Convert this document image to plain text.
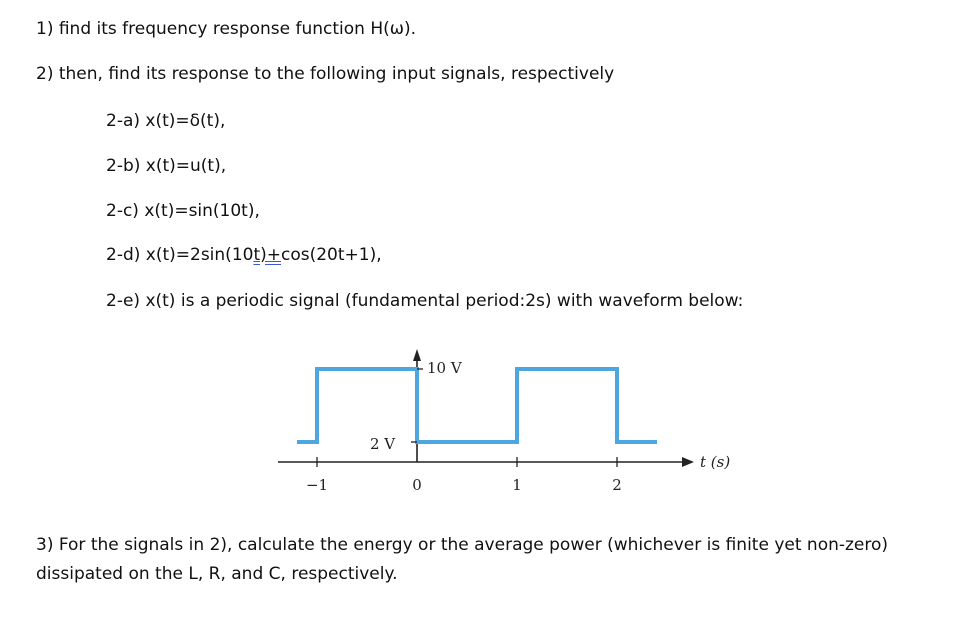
1) find its frequency response function H(ω).
2) then, find its response to the following input signals, respectively
2-a) x(t)=δ(t),
2-b) x(t)=u(t),
2-c) x(t)=sin(10t),
2-d) x(t)=2sin(10t)+cos(20t+1),
2-e) x(t) is a periodic signal (fundamental period:2s) with waveform below:
10 V
2 V
−1	0	1	2
t (s)
3) For the signals in 2), calculate the energy or the average power (whichever is finite yet non-zero) dissipated on the L, R, and C, respectively.
